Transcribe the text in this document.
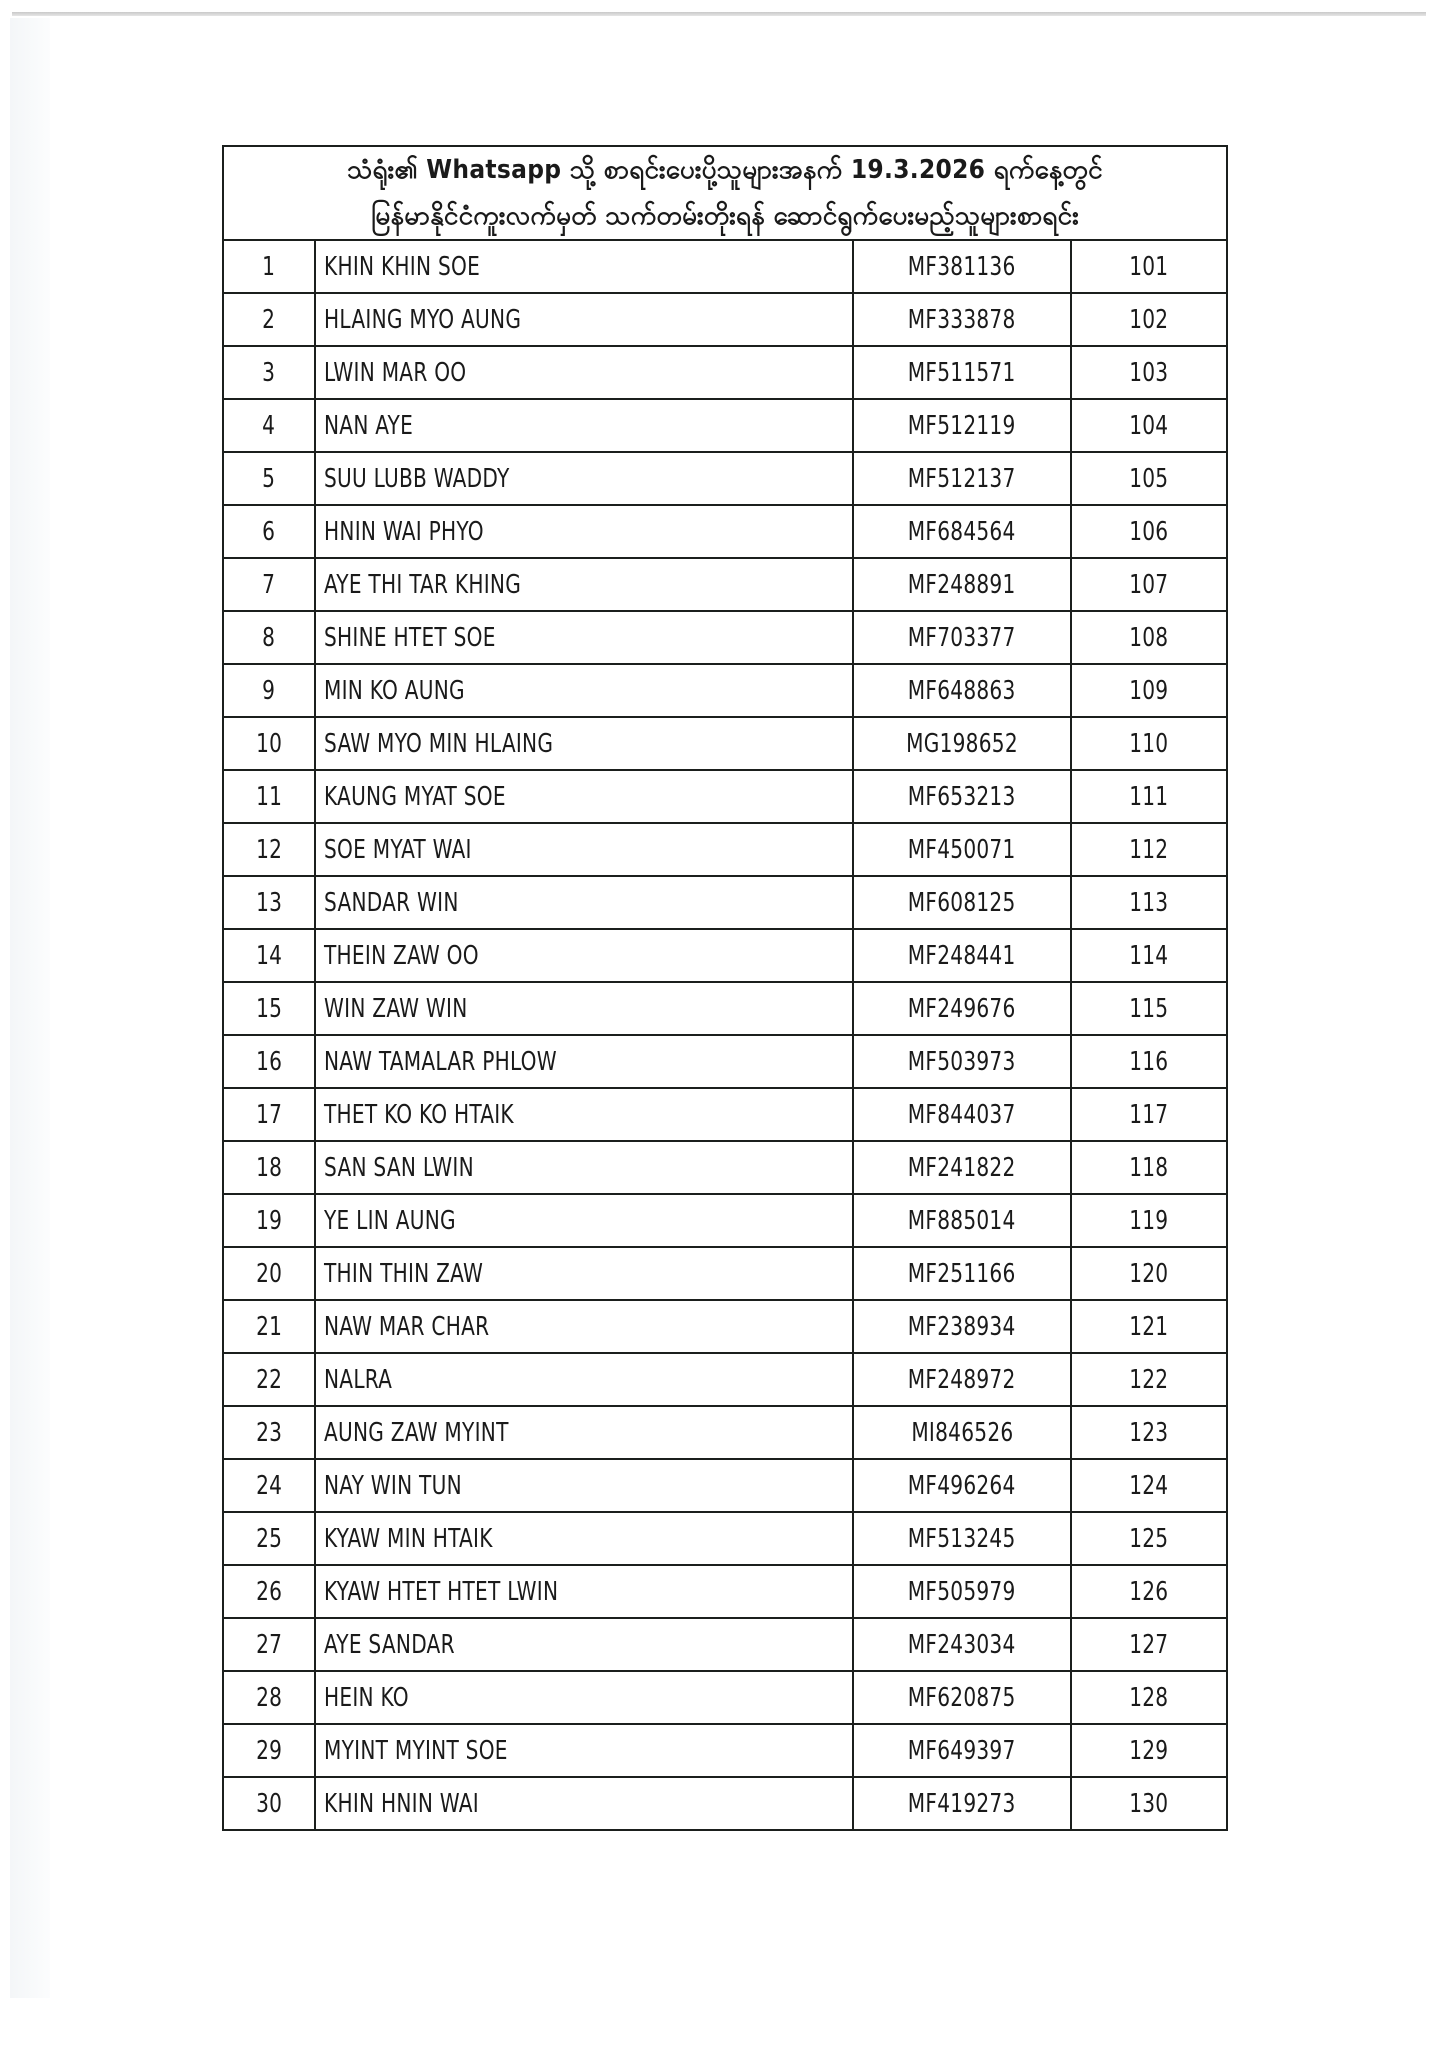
သံရုံး၏ Whatsapp သို့ စာရင်းပေးပို့သူများအနက် 19.3.2026 ရက်နေ့တွင်
မြန်မာနိုင်ငံကူးလက်မှတ် သက်တမ်းတိုးရန် ဆောင်ရွက်ပေးမည့်သူများစာရင်း			

1	KHIN KHIN SOE	MF381136	101
2	HLAING MYO AUNG	MF333878	102
3	LWIN MAR OO	MF511571	103
4	NAN AYE	MF512119	104
5	SUU LUBB WADDY	MF512137	105
6	HNIN WAI PHYO	MF684564	106
7	AYE THI TAR KHING	MF248891	107
8	SHINE HTET SOE	MF703377	108
9	MIN KO AUNG	MF648863	109
10	SAW MYO MIN HLAING	MG198652	110
11	KAUNG MYAT SOE	MF653213	111
12	SOE MYAT WAI	MF450071	112
13	SANDAR WIN	MF608125	113
14	THEIN ZAW OO	MF248441	114
15	WIN ZAW WIN	MF249676	115
16	NAW TAMALAR PHLOW	MF503973	116
17	THET KO KO HTAIK	MF844037	117
18	SAN SAN LWIN	MF241822	118
19	YE LIN AUNG	MF885014	119
20	THIN THIN ZAW	MF251166	120
21	NAW MAR CHAR	MF238934	121
22	NALRA	MF248972	122
23	AUNG ZAW MYINT	MI846526	123
24	NAY WIN TUN	MF496264	124
25	KYAW MIN HTAIK	MF513245	125
26	KYAW HTET HTET LWIN	MF505979	126
27	AYE SANDAR	MF243034	127
28	HEIN KO	MF620875	128
29	MYINT MYINT SOE	MF649397	129
30	KHIN HNIN WAI	MF419273	130
